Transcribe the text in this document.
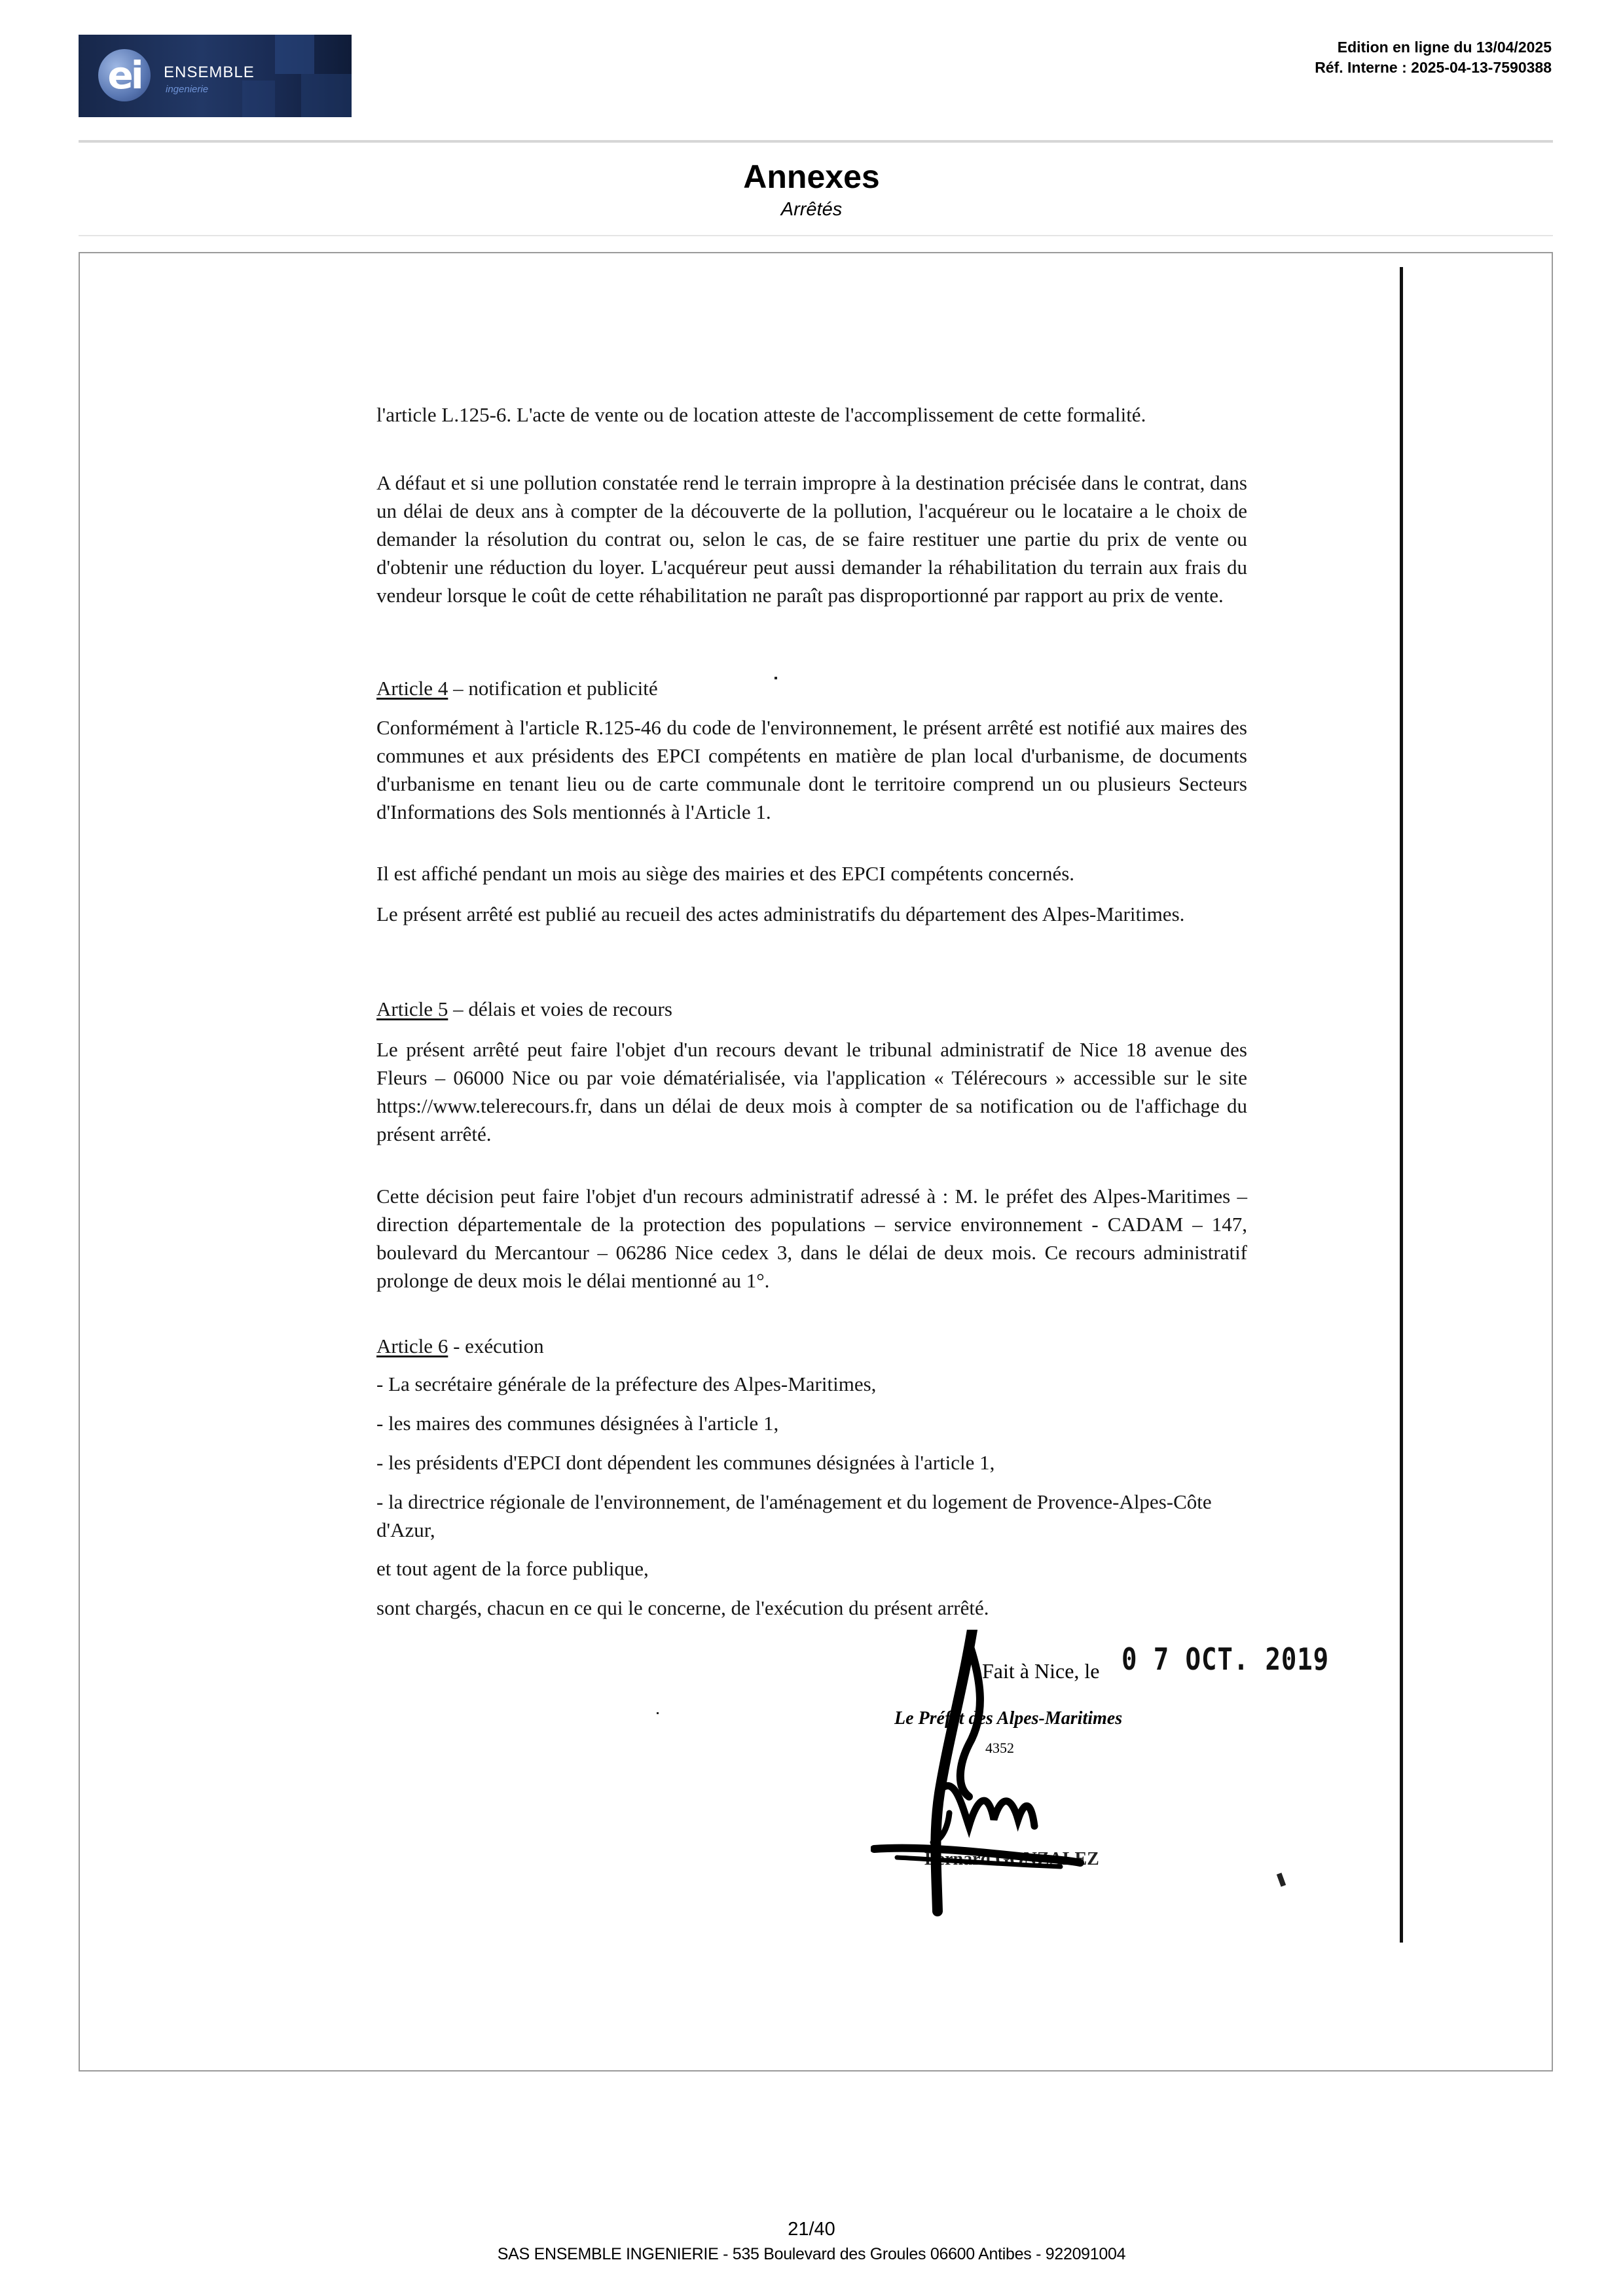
ei	ENSEMBLE
ingenierie
Edition en ligne du 13/04/2025
Réf. Interne : 2025-04-13-7590388
Annexes
Arrêtés

l'article L.125-6. L'acte de vente ou de location atteste de l'accomplissement de cette formalité.

A défaut et si une pollution constatée rend le terrain impropre à la destination précisée dans le contrat, dans un délai de deux ans à compter de la découverte de la pollution, l'acquéreur ou le locataire a le choix de demander la résolution du contrat ou, selon le cas, de se faire restituer une partie du prix de vente ou d'obtenir une réduction du loyer. L'acquéreur peut aussi demander la réhabilitation du terrain aux frais du vendeur lorsque le coût de cette réhabilitation ne paraît pas disproportionné par rapport au prix de vente.

Article 4 – notification et publicité

Conformément à l'article R.125-46 du code de l'environnement, le présent arrêté est notifié aux maires des communes et aux présidents des EPCI compétents en matière de plan local d'urbanisme, de documents d'urbanisme en tenant lieu ou de carte communale dont le territoire comprend un ou plusieurs Secteurs d'Informations des Sols mentionnés à l'Article 1.

Il est affiché pendant un mois au siège des mairies et des EPCI compétents concernés.

Le présent arrêté est publié au recueil des actes administratifs du département des Alpes-Maritimes.

Article 5 – délais et voies de recours

Le présent arrêté peut faire l'objet d'un recours devant le tribunal administratif de Nice 18 avenue des Fleurs – 06000 Nice ou par voie dématérialisée, via l'application « Télérecours » accessible sur le site https://www.telerecours.fr, dans un délai de deux mois à compter de sa notification ou de l'affichage du présent arrêté.

Cette décision peut faire l'objet d'un recours administratif adressé à : M. le préfet des Alpes-Maritimes – direction départementale de la protection des populations – service environnement - CADAM – 147, boulevard du Mercantour – 06286 Nice cedex 3, dans le délai de deux mois. Ce recours administratif prolonge de deux mois le délai mentionné au 1°.

Article 6 - exécution

- La secrétaire générale de la préfecture des Alpes-Maritimes,

- les maires des communes désignées à l'article 1,

- les présidents d'EPCI dont dépendent les communes désignées à l'article 1,

- la directrice régionale de l'environnement, de l'aménagement et du logement de Provence-Alpes-Côte d'Azur,

et tout agent de la force publique,

sont chargés, chacun en ce qui le concerne, de l'exécution du présent arrêté.

Fait à Nice, le 0 7 OCT. 2019
Le Préfet des Alpes-Maritimes
4352
Bernard GONZALEZ
21/40
SAS ENSEMBLE INGENIERIE - 535 Boulevard des Groules 06600 Antibes - 922091004
